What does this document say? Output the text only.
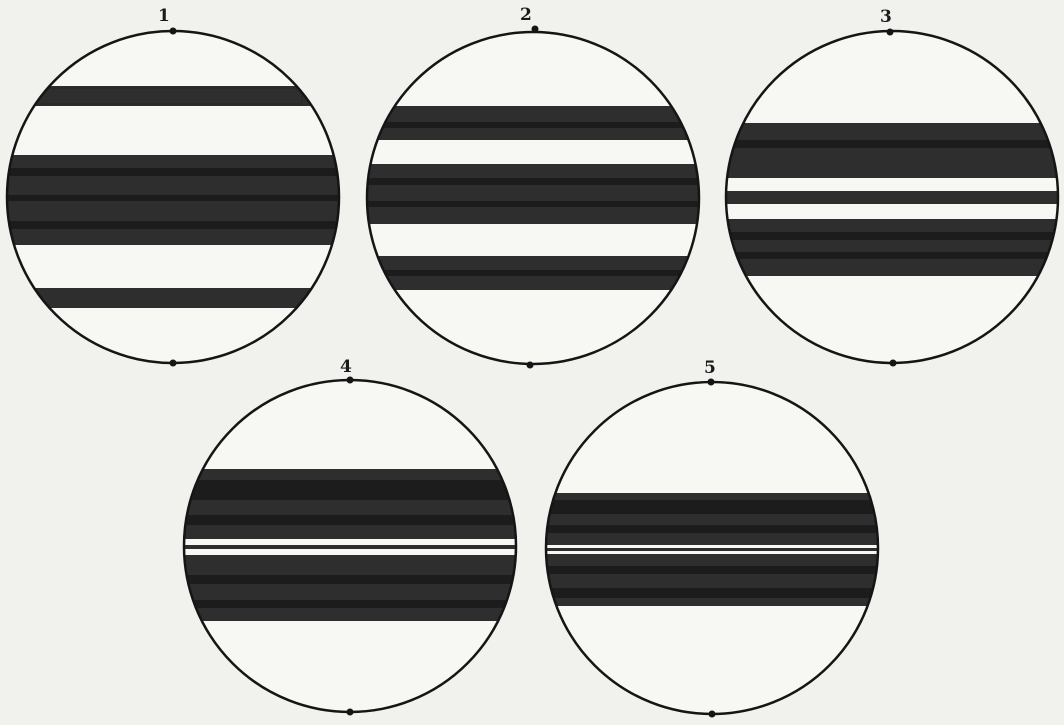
1	2	3
4	5
